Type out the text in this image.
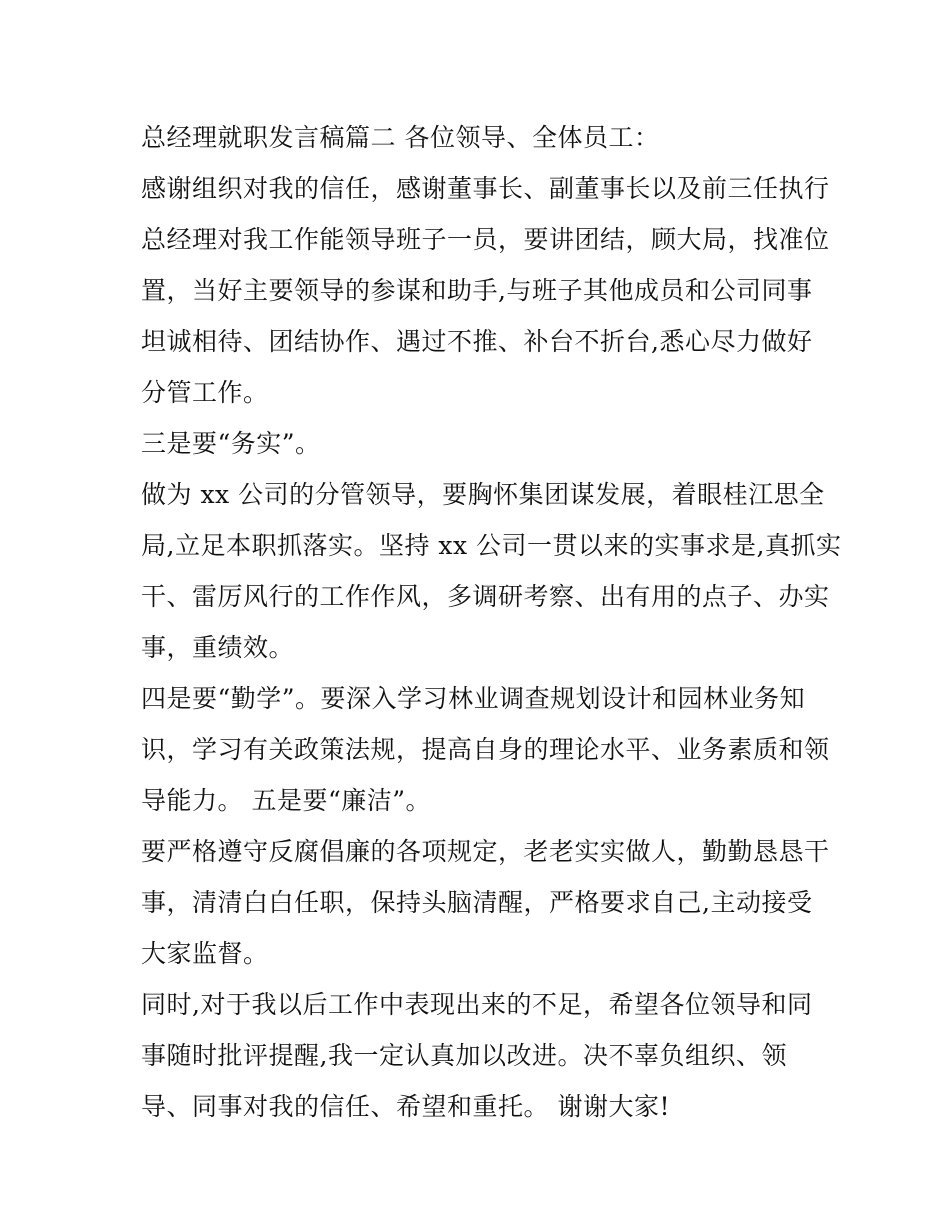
总经理就职发言稿篇二 各位领导、全体员工：
感谢组织对我的信任，感谢董事长、副董事长以及前三任执行
总经理对我工作能领导班子一员，要讲团结，顾大局，找准位
置，当好主要领导的参谋和助手,与班子其他成员和公司同事
坦诚相待、团结协作、遇过不推、补台不折台,悉心尽力做好
分管工作。
三是要“务实”。
做为 xx 公司的分管领导，要胸怀集团谋发展，着眼桂江思全
局,立足本职抓落实。坚持 xx 公司一贯以来的实事求是,真抓实
干、雷厉风行的工作作风，多调研考察、出有用的点子、办实
事，重绩效。
四是要“勤学”。要深入学习林业调查规划设计和园林业务知
识，学习有关政策法规，提高自身的理论水平、业务素质和领
导能力。 五是要“廉洁”。
要严格遵守反腐倡廉的各项规定，老老实实做人，勤勤恳恳干
事，清清白白任职，保持头脑清醒，严格要求自己,主动接受
大家监督。
同时,对于我以后工作中表现出来的不足，希望各位领导和同
事随时批评提醒,我一定认真加以改进。决不辜负组织、领
导、同事对我的信任、希望和重托。 谢谢大家!
